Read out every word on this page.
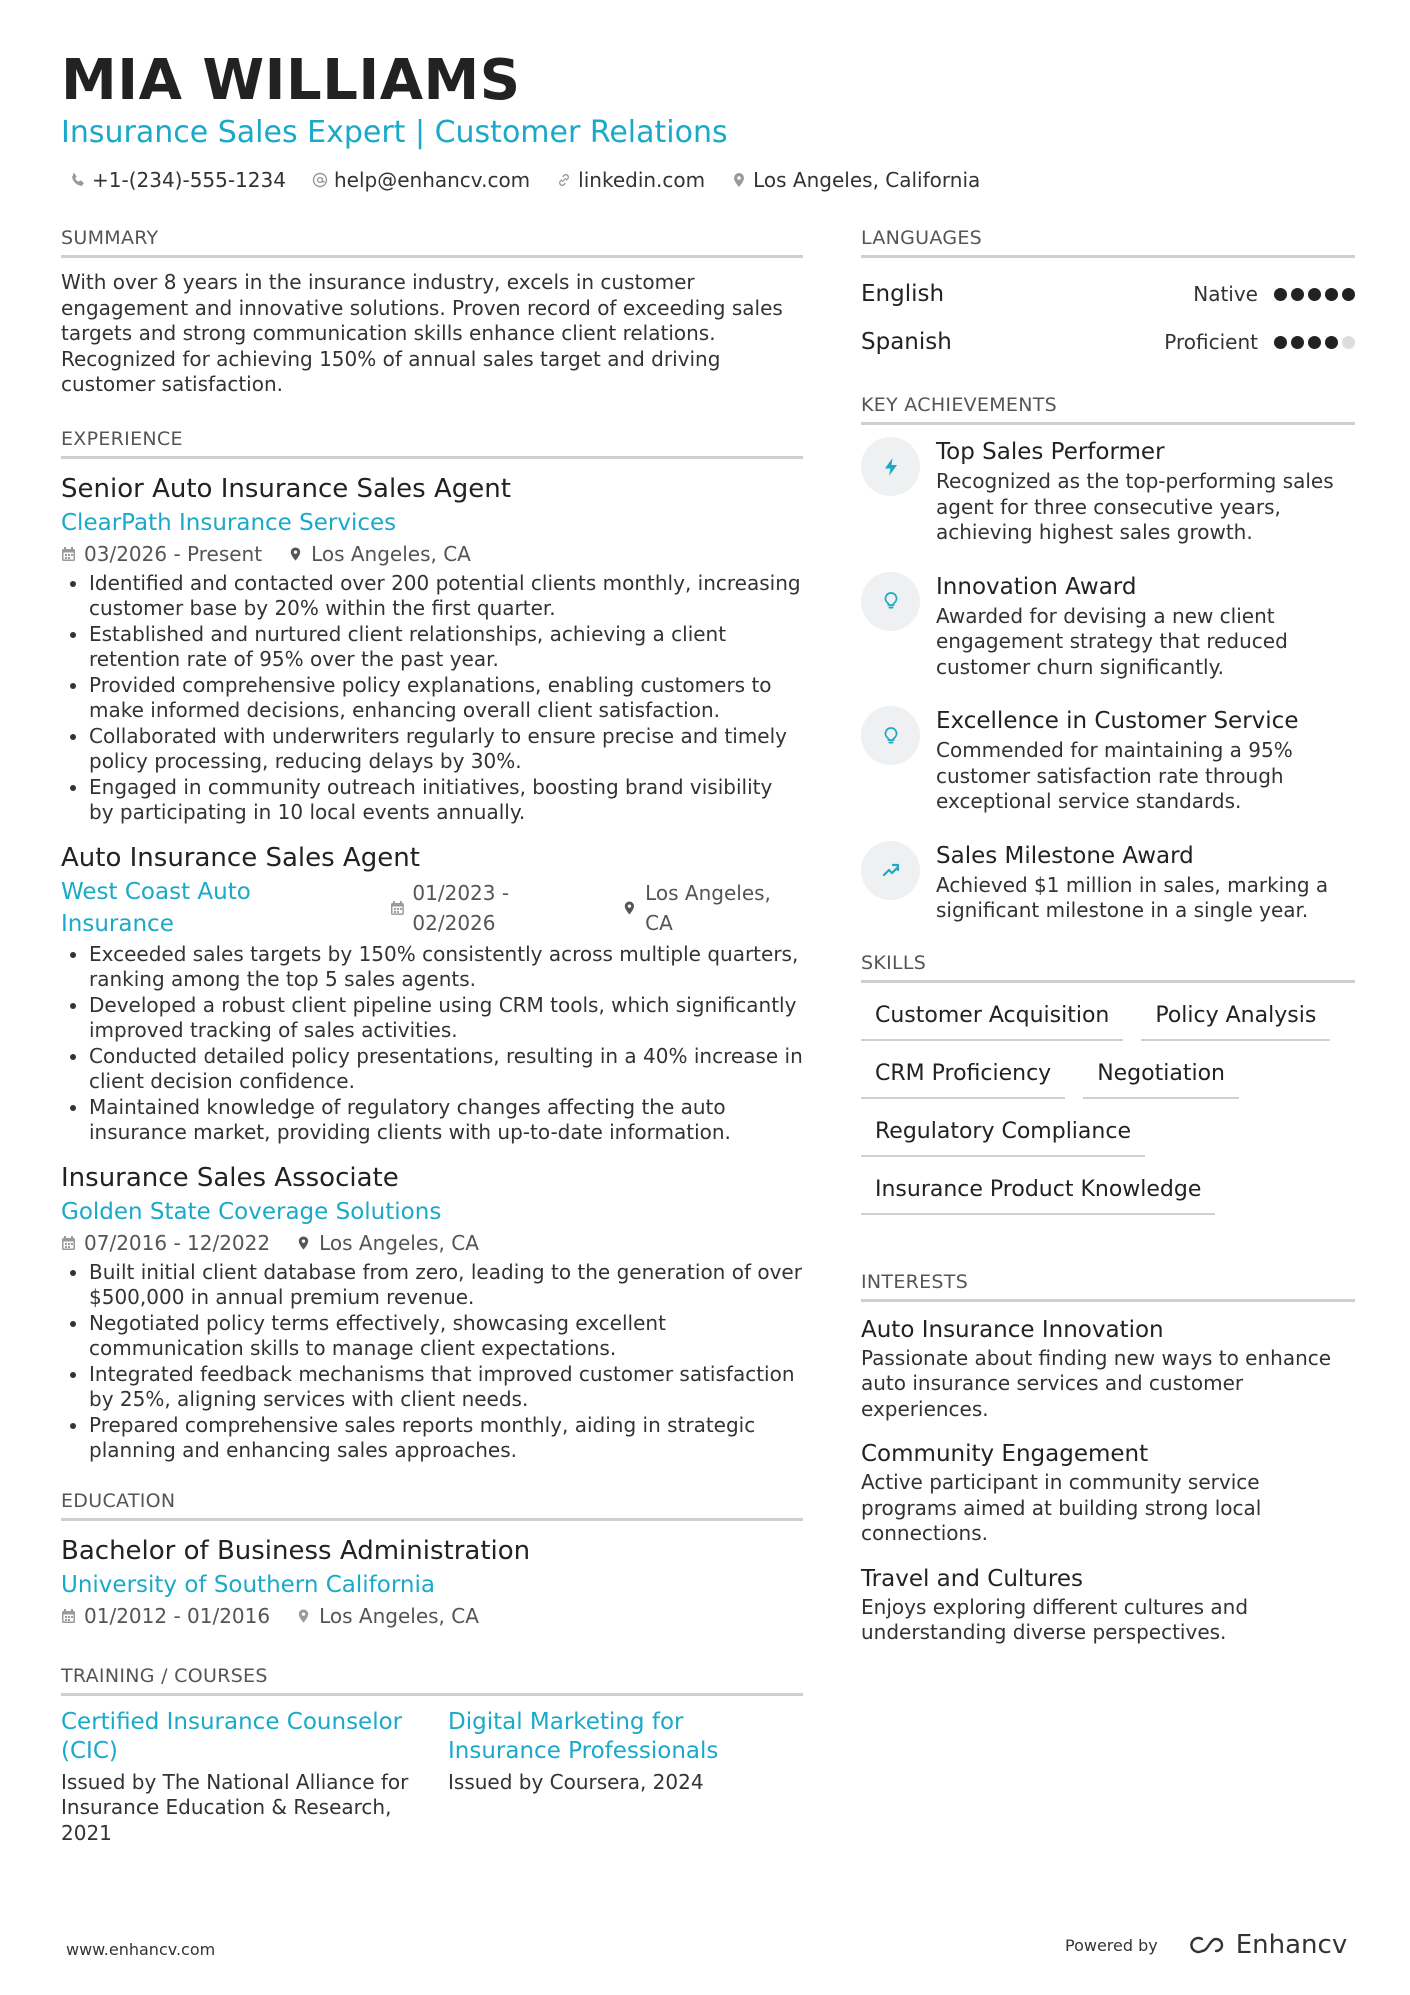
MIA WILLIAMS
Insurance Sales Expert | Customer Relations
+1-(234)-555-1234 help@enhancv.com linkedin.com Los Angeles, California
SUMMARY
With over 8 years in the insurance industry, excels in customer engagement and innovative solutions. Proven record of exceeding sales targets and strong communication skills enhance client relations. Recognized for achieving 150% of annual sales target and driving customer satisfaction.
EXPERIENCE
Senior Auto Insurance Sales Agent
ClearPath Insurance Services
03/2026 - Present Los Angeles, CA
• Identified and contacted over 200 potential clients monthly, increasing customer base by 20% within the first quarter.
• Established and nurtured client relationships, achieving a client retention rate of 95% over the past year.
• Provided comprehensive policy explanations, enabling customers to make informed decisions, enhancing overall client satisfaction.
• Collaborated with underwriters regularly to ensure precise and timely policy processing, reducing delays by 30%.
• Engaged in community outreach initiatives, boosting brand visibility by participating in 10 local events annually.
Auto Insurance Sales Agent
West Coast Auto Insurance
01/2023 - 02/2026
Los Angeles, CA
• Exceeded sales targets by 150% consistently across multiple quarters, ranking among the top 5 sales agents.
• Developed a robust client pipeline using CRM tools, which significantly improved tracking of sales activities.
• Conducted detailed policy presentations, resulting in a 40% increase in client decision confidence.
• Maintained knowledge of regulatory changes affecting the auto insurance market, providing clients with up-to-date information.
Insurance Sales Associate
Golden State Coverage Solutions
07/2016 - 12/2022 Los Angeles, CA
• Built initial client database from zero, leading to the generation of over $500,000 in annual premium revenue.
• Negotiated policy terms effectively, showcasing excellent communication skills to manage client expectations.
• Integrated feedback mechanisms that improved customer satisfaction by 25%, aligning services with client needs.
• Prepared comprehensive sales reports monthly, aiding in strategic planning and enhancing sales approaches.
EDUCATION
Bachelor of Business Administration
University of Southern California
01/2012 - 01/2016 Los Angeles, CA
TRAINING / COURSES
Certified Insurance Counselor (CIC)
Issued by The National Alliance for Insurance Education & Research, 2021
Digital Marketing for Insurance Professionals
Issued by Coursera, 2024
LANGUAGES
English	Native
Spanish	Proficient
KEY ACHIEVEMENTS
Top Sales Performer
Recognized as the top-performing sales agent for three consecutive years, achieving highest sales growth.
Innovation Award
Awarded for devising a new client engagement strategy that reduced customer churn significantly.
Excellence in Customer Service
Commended for maintaining a 95% customer satisfaction rate through exceptional service standards.
Sales Milestone Award
Achieved $1 million in sales, marking a significant milestone in a single year.
SKILLS
Customer Acquisition	Policy Analysis
CRM Proficiency	Negotiation
Regulatory Compliance
Insurance Product Knowledge
INTERESTS
Auto Insurance Innovation
Passionate about finding new ways to enhance auto insurance services and customer experiences.
Community Engagement
Active participant in community service programs aimed at building strong local connections.
Travel and Cultures
Enjoys exploring different cultures and understanding diverse perspectives.
www.enhancv.com	Powered by	Enhancv
